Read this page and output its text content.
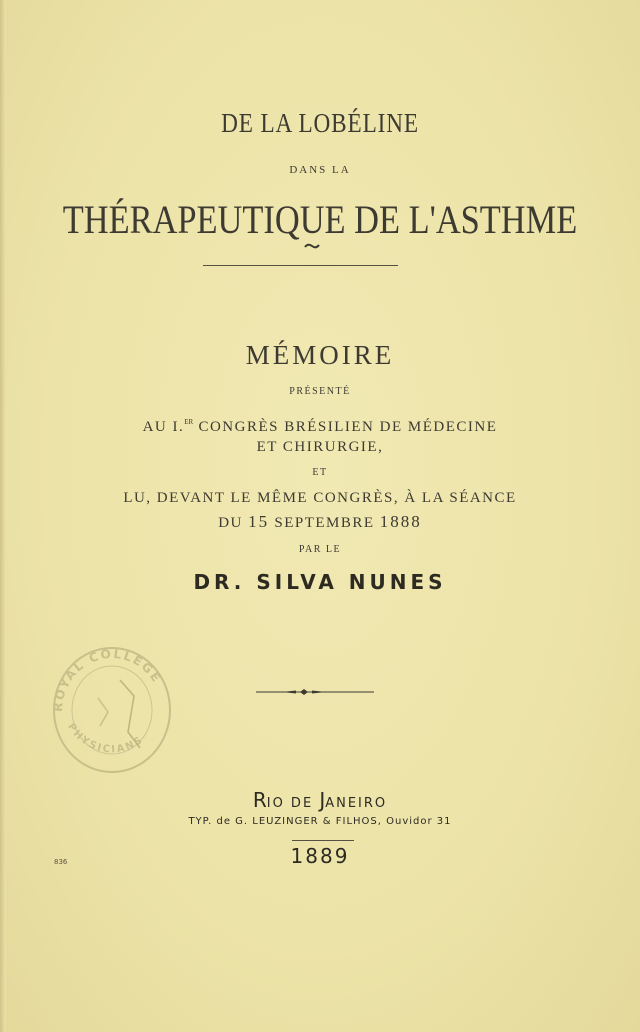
DE LA LOBÉLINE
DANS LA
THÉRAPEUTIQUE DE L'ASTHME
MÉMOIRE
PRÉSENTÉ
AU I.$^{ER}$ CONGRÈS BRÉSILIEN DE MÉDECINE
ET CHIRURGIE,
ET
LU, DEVANT LE MÊME CONGRÈS, À LA SÉANCE
DU 15 SEPTEMBRE 1888
PAR LE
DR. SILVA NUNES
ROYAL COLLEGE
PHYSICIANS
RIO DE JANEIRO
TYP. de G. LEUZINGER & FILHOS, Ouvidor 31
1889
836
